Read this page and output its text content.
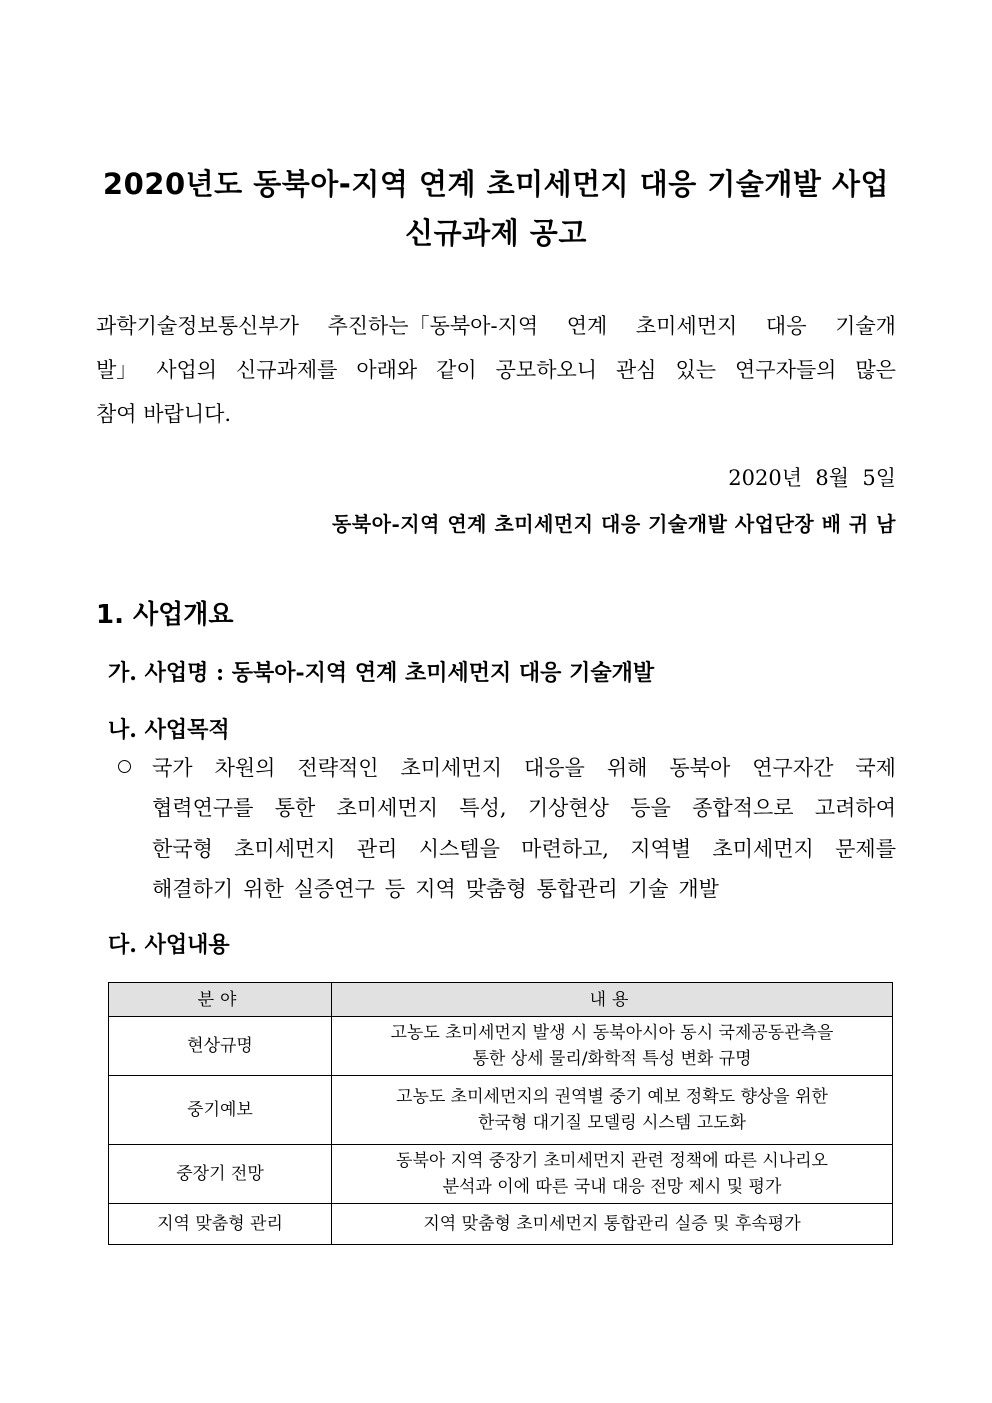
2020년도 동북아-지역 연계 초미세먼지 대응 기술개발 사업
신규과제 공고
과학기술정보통신부가 추진하는「동북아-지역 연계 초미세먼지 대응 기술개
발」 사업의 신규과제를 아래와 같이 공모하오니 관심 있는 연구자들의 많은
참여 바랍니다.
2020년  8월  5일
동북아-지역 연계 초미세먼지 대응 기술개발 사업단장 배 귀 남
1. 사업개요
가. 사업명 : 동북아-지역 연계 초미세먼지 대응 기술개발
나. 사업목적
국가 차원의 전략적인 초미세먼지 대응을 위해 동북아 연구자간 국제
협력연구를 통한 초미세먼지 특성, 기상현상 등을 종합적으로 고려하여
한국형 초미세먼지 관리 시스템을 마련하고, 지역별 초미세먼지 문제를
해결하기 위한 실증연구 등 지역 맞춤형 통합관리 기술 개발
다. 사업내용
분야	내용
현상규명	고농도 초미세먼지 발생 시 동북아시아 동시 국제공동관측을
통한 상세 물리/화학적 특성 변화 규명

중기예보	고농도 초미세먼지의 권역별 중기 예보 정확도 향상을 위한
한국형 대기질 모델링 시스템 고도화

중장기 전망	동북아 지역 중장기 초미세먼지 관련 정책에 따른 시나리오
분석과 이에 따른 국내 대응 전망 제시 및 평가

지역 맞춤형 관리	지역 맞춤형 초미세먼지 통합관리 실증 및 후속평가
